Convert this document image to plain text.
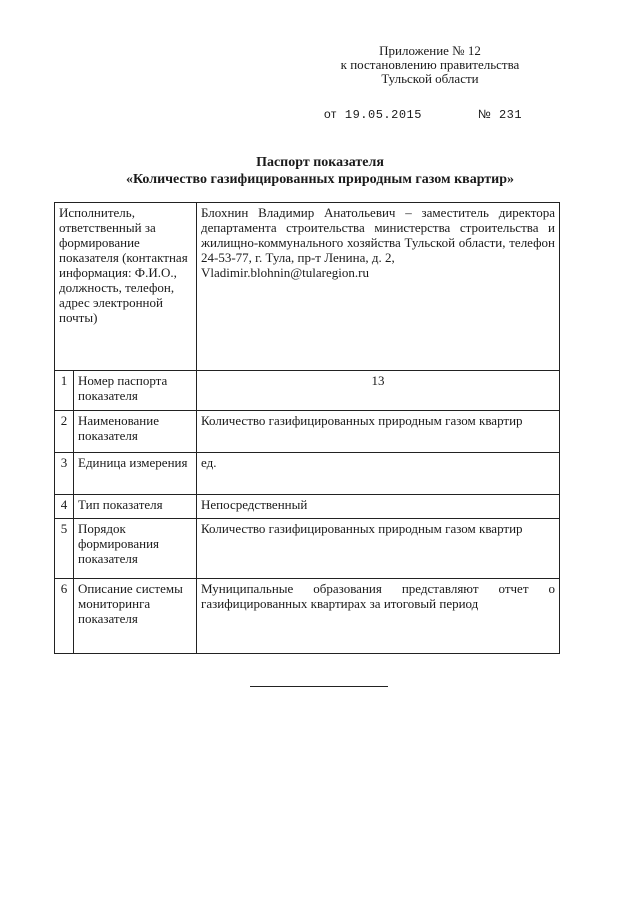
Приложение № 12
к постановлению правительства
Тульской области
от 19.05.2015	№ 231
Паспорт показателя
«Количество газифицированных природным газом квартир»
Исполнитель, ответственный за формирование показателя (контактная информация: Ф.И.О., должность, телефон, адрес электронной почты)		Блохнин Владимир Анатольевич – заместитель директора департамента строительства министерства строительства и жилищно-коммунального хозяйства Тульской области, телефон 24-53-77, г. Тула, пр-т Ленина, д. 2,
Vladimir.blohnin@tularegion.ru
1	Номер паспорта показателя	13
2	Наименование показателя	Количество газифицированных природным газом квартир
3	Единица измерения	ед.
4	Тип показателя	Непосредственный
5	Порядок формирования показателя	Количество газифицированных природным газом квартир
6	Описание системы мониторинга показателя	Муниципальные образования представляют отчет о газифицированных квартирах за итоговый период
